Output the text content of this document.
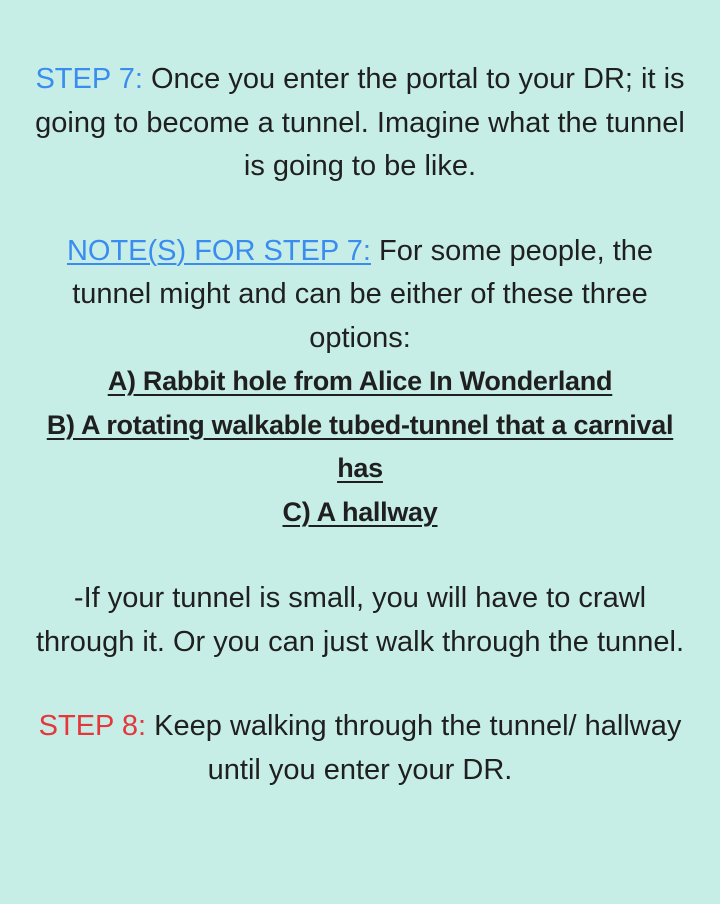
STEP 7: Once you enter the portal to your DR; it is going to become a tunnel. Imagine what the tunnel is going to be like.

NOTE(S) FOR STEP 7: For some people, the tunnel might and can be either of these three options:
A) Rabbit hole from Alice In Wonderland
B) A rotating walkable tubed-tunnel that a carnival has
C) A hallway

-If your tunnel is small, you will have to crawl through it. Or you can just walk through the tunnel.

STEP 8: Keep walking through the tunnel/ hallway until you enter your DR.
